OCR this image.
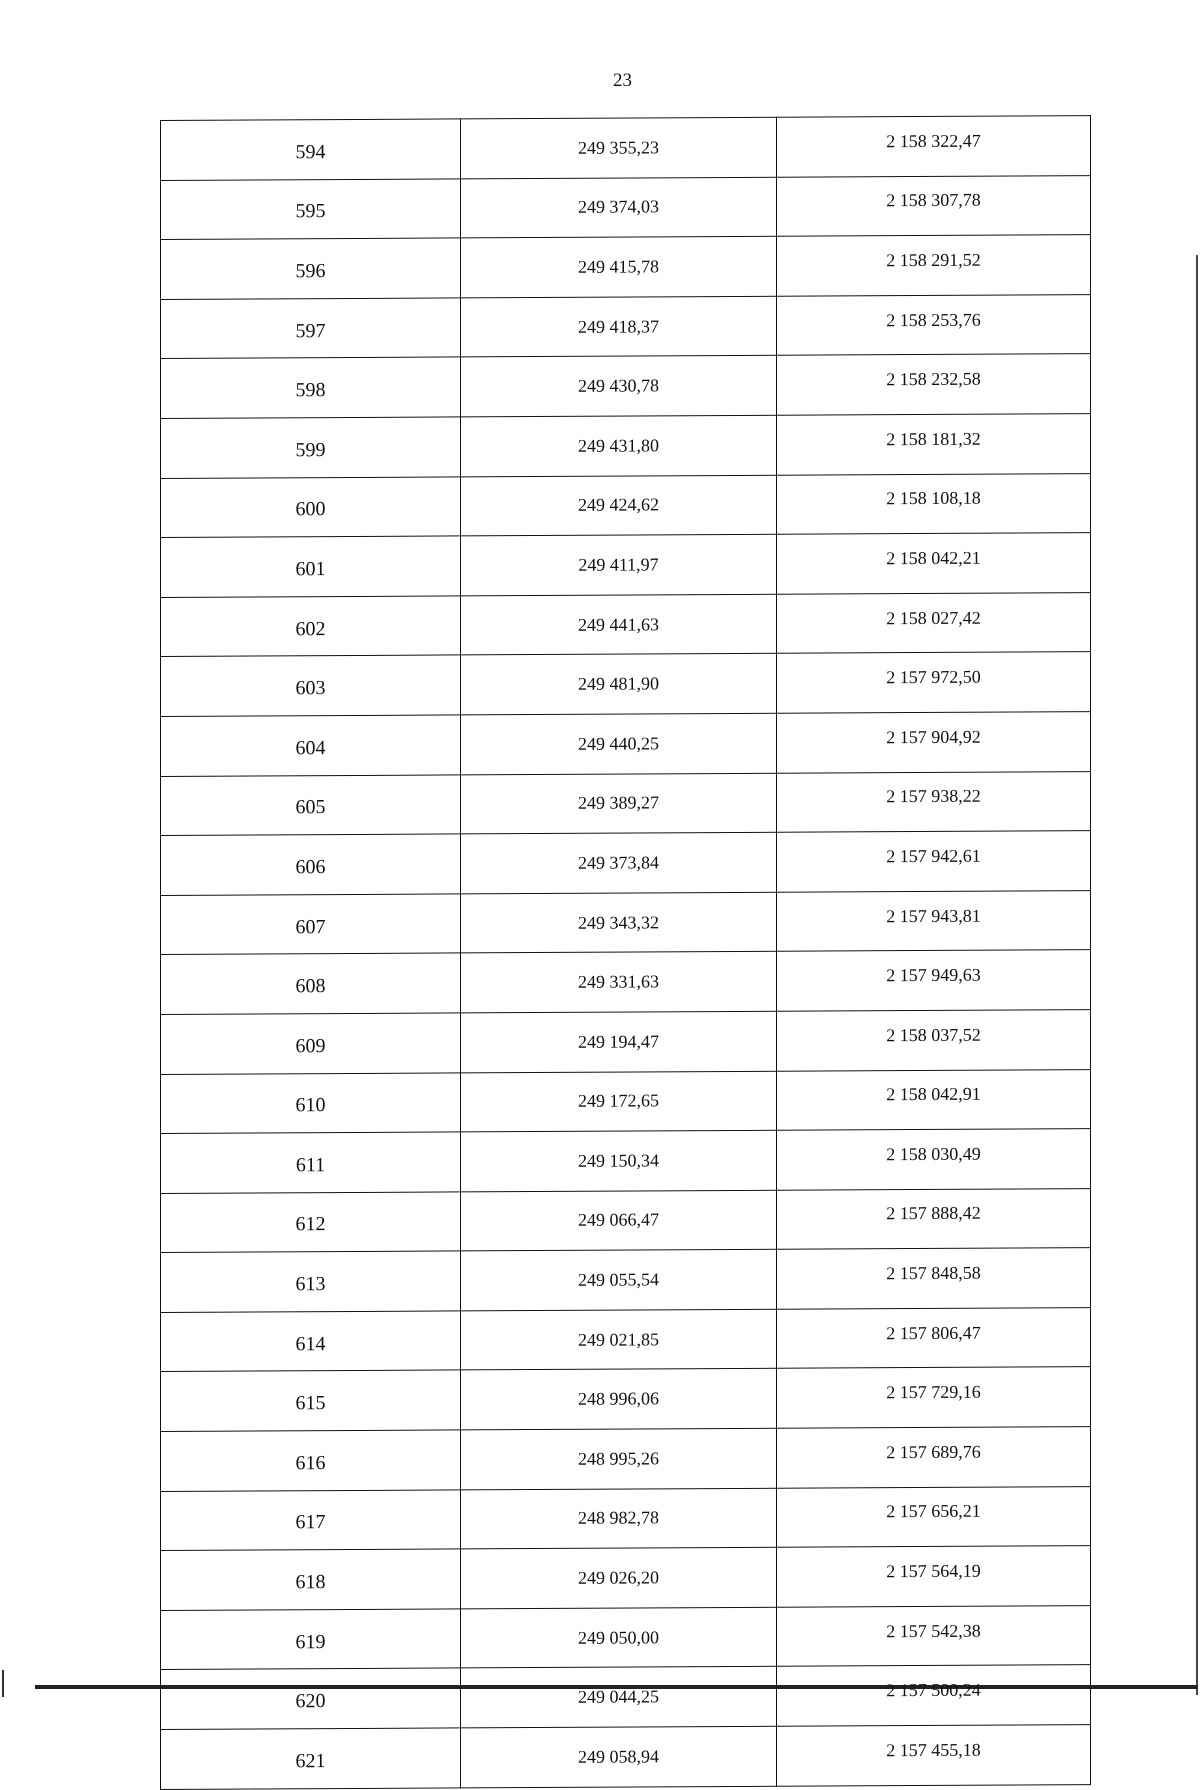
23
594	249 355,23	2 158 322,47
595	249 374,03	2 158 307,78
596	249 415,78	2 158 291,52
597	249 418,37	2 158 253,76
598	249 430,78	2 158 232,58
599	249 431,80	2 158 181,32
600	249 424,62	2 158 108,18
601	249 411,97	2 158 042,21
602	249 441,63	2 158 027,42
603	249 481,90	2 157 972,50
604	249 440,25	2 157 904,92
605	249 389,27	2 157 938,22
606	249 373,84	2 157 942,61
607	249 343,32	2 157 943,81
608	249 331,63	2 157 949,63
609	249 194,47	2 158 037,52
610	249 172,65	2 158 042,91
611	249 150,34	2 158 030,49
612	249 066,47	2 157 888,42
613	249 055,54	2 157 848,58
614	249 021,85	2 157 806,47
615	248 996,06	2 157 729,16
616	248 995,26	2 157 689,76
617	248 982,78	2 157 656,21
618	249 026,20	2 157 564,19
619	249 050,00	2 157 542,38
620	249 044,25	2 157 500,24
621	249 058,94	2 157 455,18
